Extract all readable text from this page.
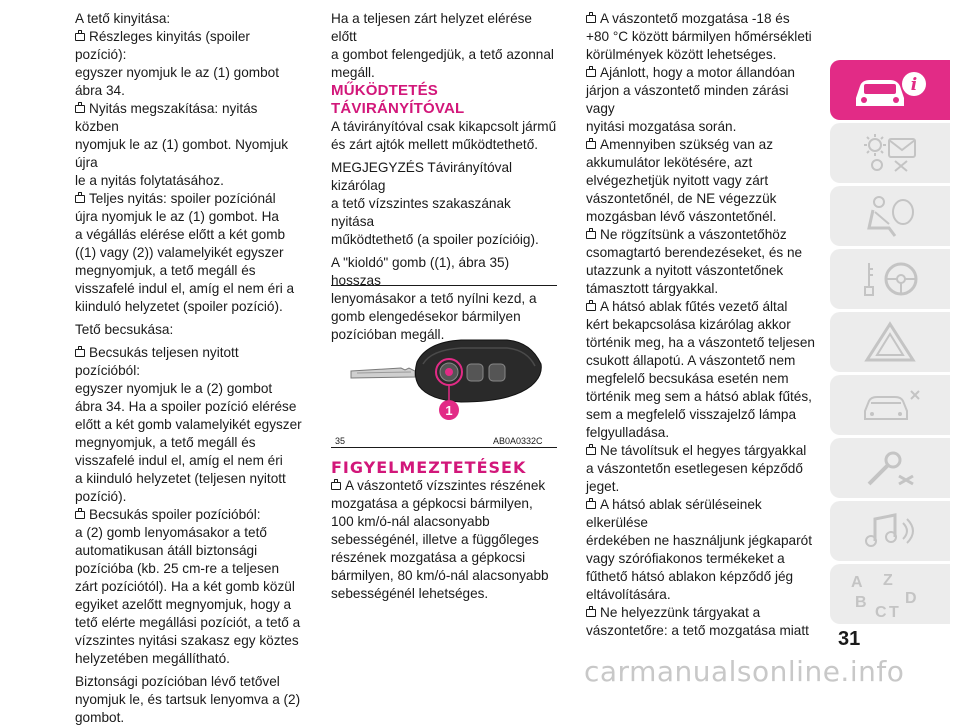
A tető kinyitása:

Részleges kinyitás (spoiler pozíció):

egyszer nyomjuk le az (1) gombot

ábra 34.

Nyitás megszakítása: nyitás közben

nyomjuk le az (1) gombot. Nyomjuk újra

le a nyitás folytatásához.

Teljes nyitás: spoiler pozíciónál

újra nyomjuk le az (1) gombot. Ha

a végállás elérése előtt a két gomb

((1) vagy (2)) valamelyikét egyszer

megnyomjuk, a tető megáll és

visszafelé indul el, amíg el nem éri a

kiinduló helyzetet (spoiler pozíció).

Tető becsukása:

Becsukás teljesen nyitott pozícióból:

egyszer nyomjuk le a (2) gombot

ábra 34. Ha a spoiler pozíció elérése

előtt a két gomb valamelyikét egyszer

megnyomjuk, a tető megáll és

visszafelé indul el, amíg el nem éri

a kiinduló helyzetet (teljesen nyitott

pozíció).

Becsukás spoiler pozícióból:

a (2) gomb lenyomásakor a tető

automatikusan átáll biztonsági

pozícióba (kb. 25 cm-re a teljesen

zárt pozíciótól). Ha a két gomb közül

egyiket azelőtt megnyomjuk, hogy a

tető elérte megállási pozíciót, a tető a

vízszintes nyitási szakasz egy köztes

helyzetében megállítható.

Biztonsági pozícióban lévő tetővel

nyomjuk le, és tartsuk lenyomva a (2)

gombot.

Ha a teljesen zárt helyzet elérése előtt

a gombot felengedjük, a tető azonnal

megáll.

MŰKÖDTETÉS TÁVIRÁNYÍTÓVAL

A távirányítóval csak kikapcsolt jármű

és zárt ajtók mellett működtethető.

MEGJEGYZÉS Távirányítóval kizárólag

a tető vízszintes szakaszának nyitása

működtethető (a spoiler pozícióig).

A "kioldó" gomb ((1), ábra 35) hosszas

lenyomásakor a tető nyílni kezd, a

gomb elengedésekor bármilyen

pozícióban megáll.

1
35	AB0A0332C

FIGYELMEZTETÉSEK

A vászontető vízszintes részének

mozgatása a gépkocsi bármilyen,

100 km/ó-nál alacsonyabb

sebességénél, illetve a függőleges

részének mozgatása a gépkocsi

bármilyen, 80 km/ó-nál alacsonyabb

sebességénél lehetséges.

A vászontető mozgatása -18 és

+80 °C között bármilyen hőmérsékleti

körülmények között lehetséges.

Ajánlott, hogy a motor állandóan

járjon a vászontető minden zárási vagy

nyitási mozgatása során.

Amennyiben szükség van az

akkumulátor lekötésére, azt

elvégezhetjük nyitott vagy zárt

vászontetőnél, de NE végezzük

mozgásban lévő vászontetőnél.

Ne rögzítsünk a vászontetőhöz

csomagtartó berendezéseket, és ne

utazzunk a nyitott vászontetőnek

támasztott tárgyakkal.

A hátsó ablak fűtés vezető által

kért bekapcsolása kizárólag akkor

történik meg, ha a vászontető teljesen

csukott állapotú. A vászontető nem

megfelelő becsukása esetén nem

történik meg sem a hátsó ablak fűtés,

sem a megfelelő visszajelző lámpa

felgyulladása.

Ne távolítsuk el hegyes tárgyakkal

a vászontetőn esetlegesen képződő

jeget.

A hátsó ablak sérüléseinek elkerülése

érdekében ne használjunk jégkaparót

vagy szórófiakonos termékeket a

fűthető hátsó ablakon képződő jég

eltávolítására.

Ne helyezzünk tárgyakat a

vászontetőre: a tető mozgatása miatt

i
A Z
B D
C T
31
carmanualsonline.info
